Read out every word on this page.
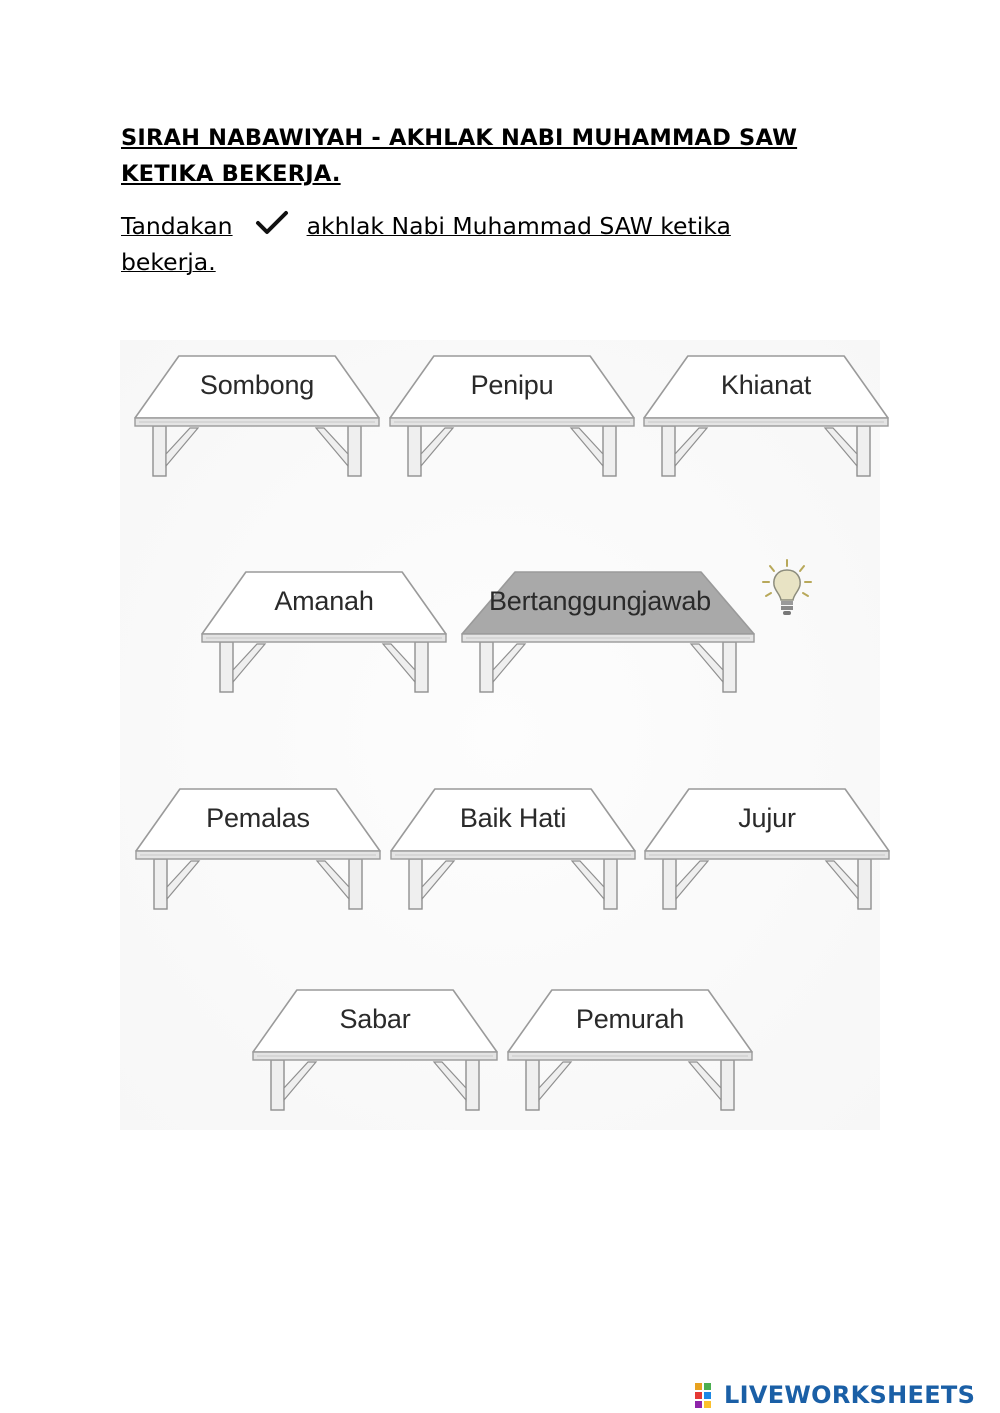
SIRAH NABAWIYAH - AKHLAK NABI MUHAMMAD SAW
KETIKA BEKERJA.
Tandakan	akhlak Nabi Muhammad SAW ketika
bekerja.
Sombong	Penipu	Khianat
Amanah	Bertanggungjawab
Pemalas	Baik Hati	Jujur
Sabar	Pemurah
LIVEWORKSHEETS
